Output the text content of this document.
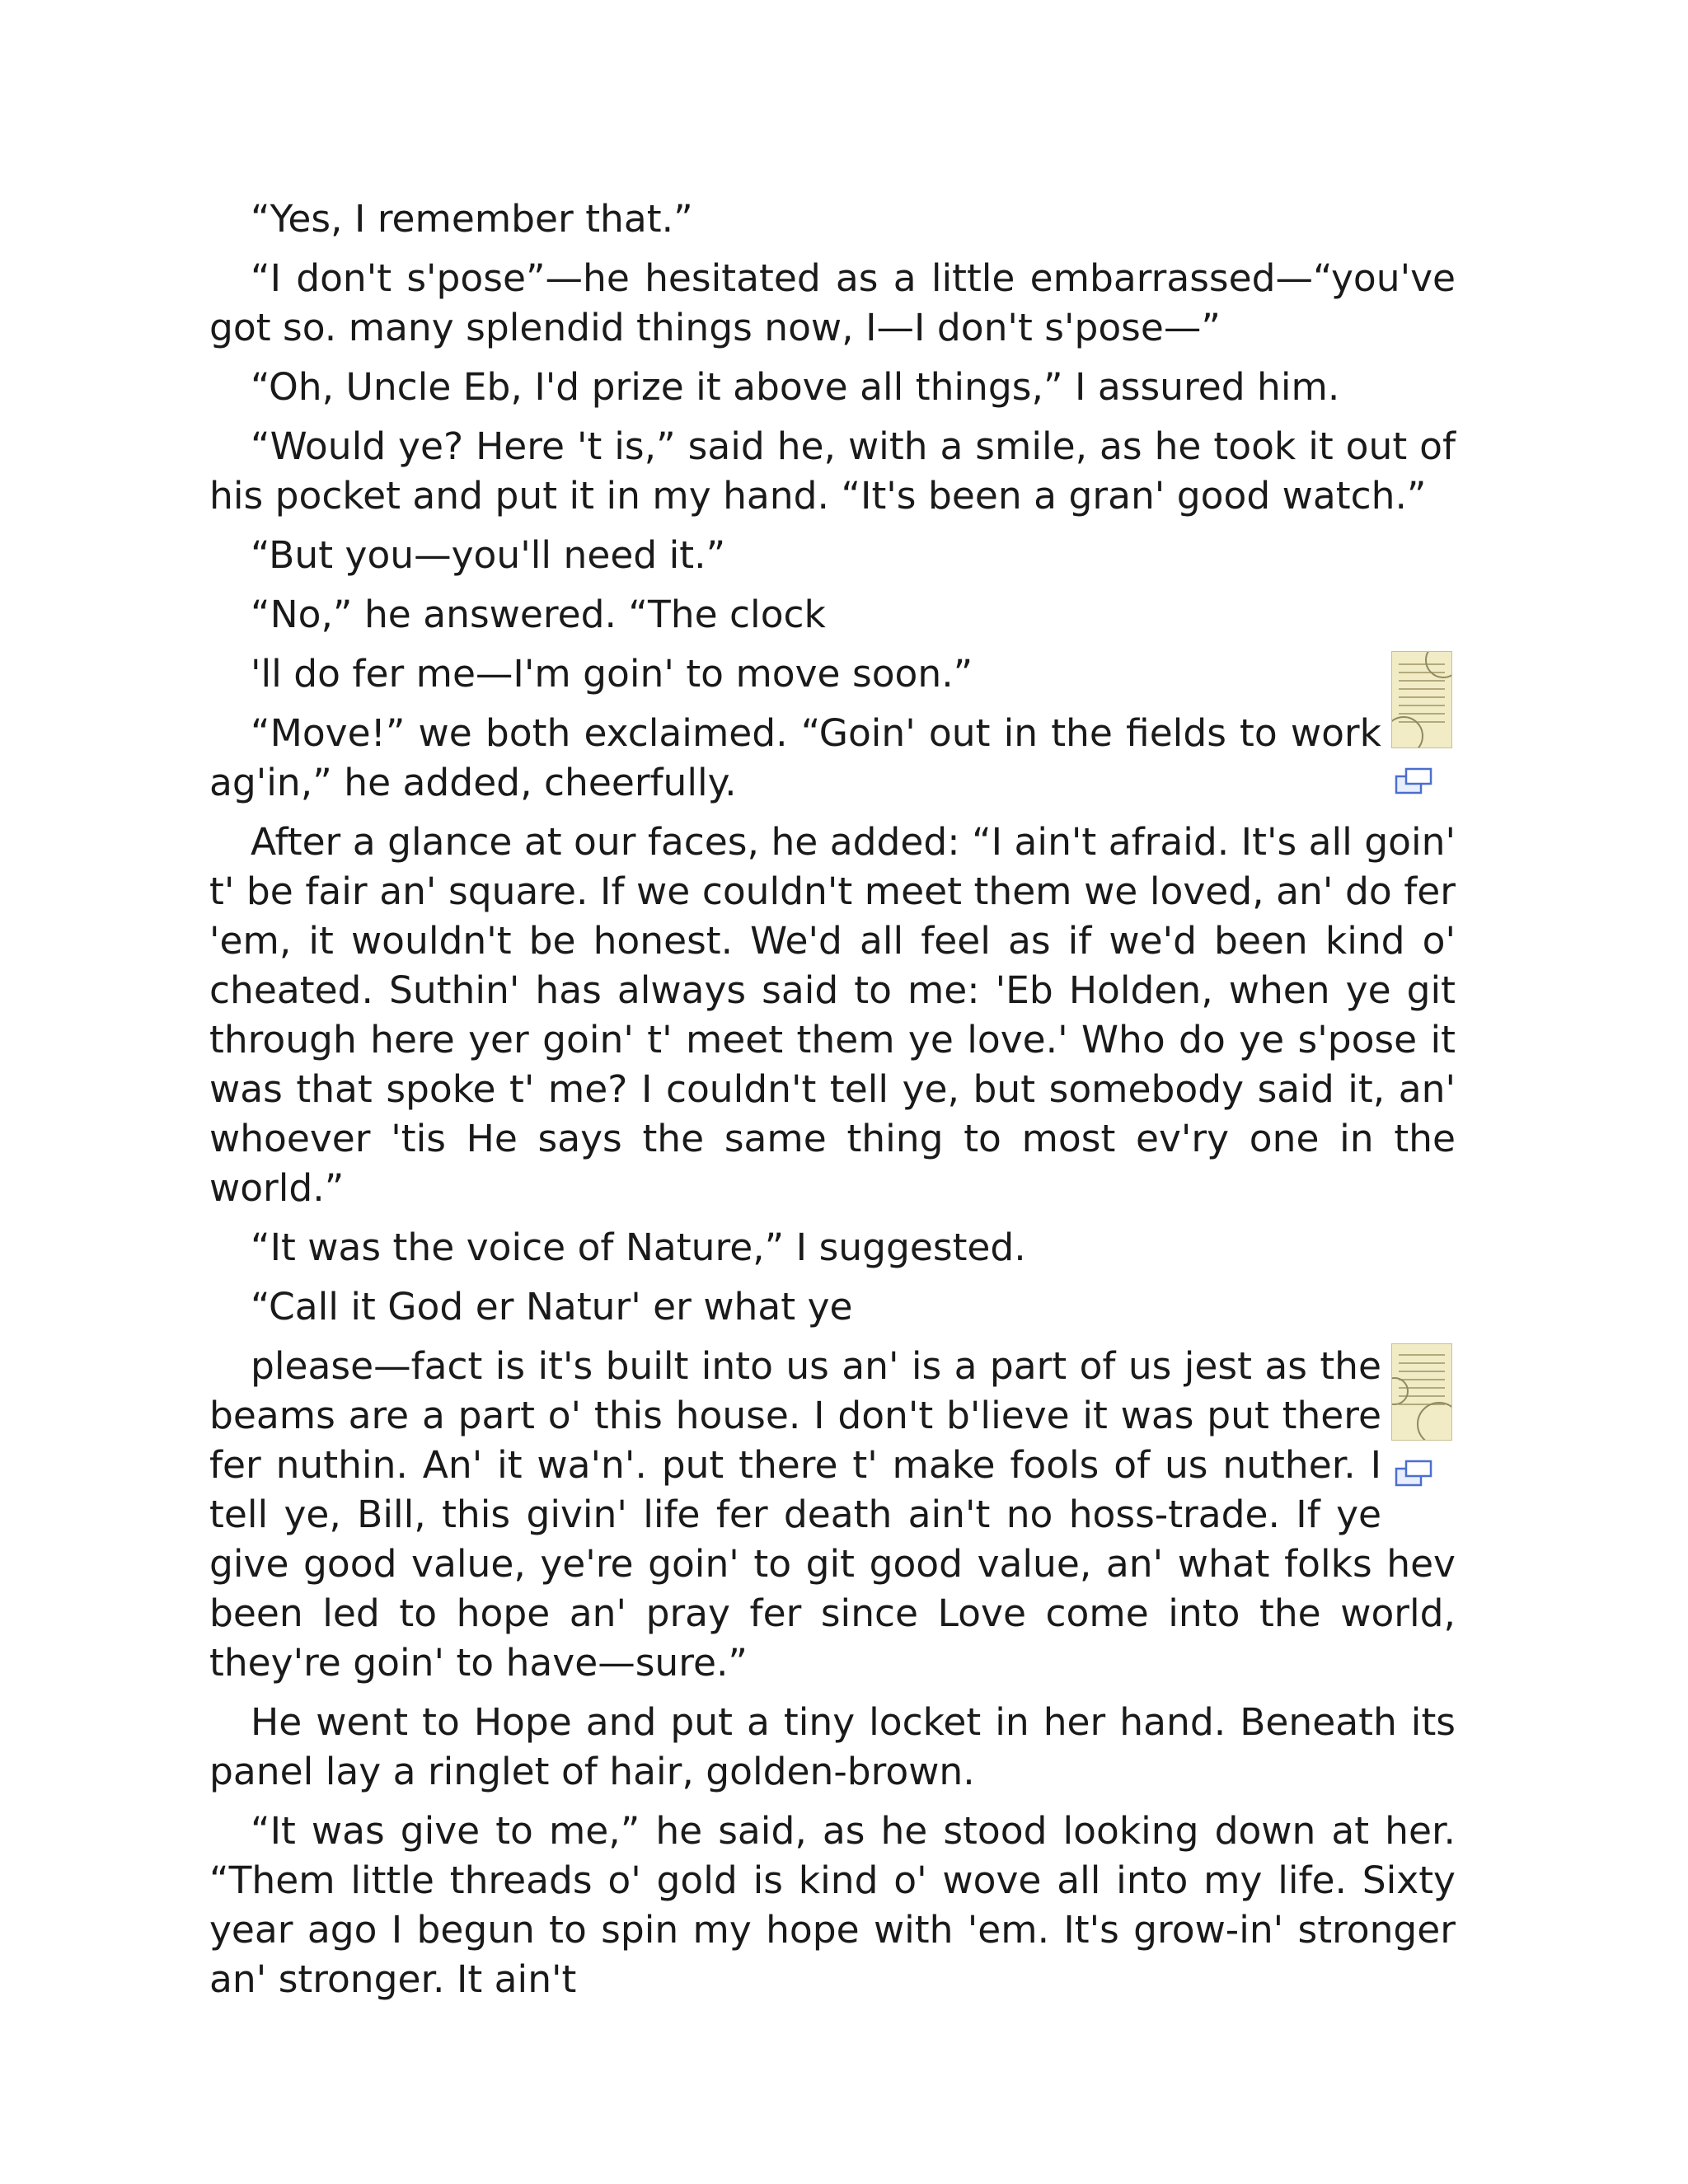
“Yes, I remember that.”

“I don't s'pose”—he hesitated as a little embarrassed—“you've got so. many splendid things now, I—I don't s'pose—”

“Oh, Uncle Eb, I'd prize it above all things,” I assured him.

“Would ye? Here 't is,” said he, with a smile, as he took it out of his pocket and put it in my hand. “It's been a gran' good watch.”

“But you—you'll need it.”

“No,” he answered. “The clock

'll do fer me—I'm goin' to move soon.”

“Move!” we both exclaimed. “Goin' out in the fields to work ag'in,” he added, cheerfully.

After a glance at our faces, he added: “I ain't afraid. It's all goin' t' be fair an' square. If we couldn't meet them we loved, an' do fer 'em, it wouldn't be honest. We'd all feel as if we'd been kind o' cheated. Suthin' has always said to me: 'Eb Holden, when ye git through here yer goin' t' meet them ye love.' Who do ye s'pose it was that spoke t' me? I couldn't tell ye, but somebody said it, an' whoever 'tis He says the same thing to most ev'ry one in the world.”

“It was the voice of Nature,” I suggested.

“Call it God er Natur' er what ye

please—fact is it's built into us an' is a part of us jest as the beams are a part o' this house. I don't b'lieve it was put there fer nuthin. An' it wa'n'. put there t' make fools of us nuther. I tell ye, Bill, this givin' life fer death ain't no hoss-trade. If ye give good value, ye're goin' to git good value, an' what folks hev been led to hope an' pray fer since Love come into the world, they're goin' to have—sure.”

He went to Hope and put a tiny locket in her hand. Beneath its panel lay a ringlet of hair, golden-brown.

“It was give to me,” he said, as he stood looking down at her. “Them little threads o' gold is kind o' wove all into my life. Sixty year ago I begun to spin my hope with 'em. It's grow-in' stronger an' stronger. It ain't
